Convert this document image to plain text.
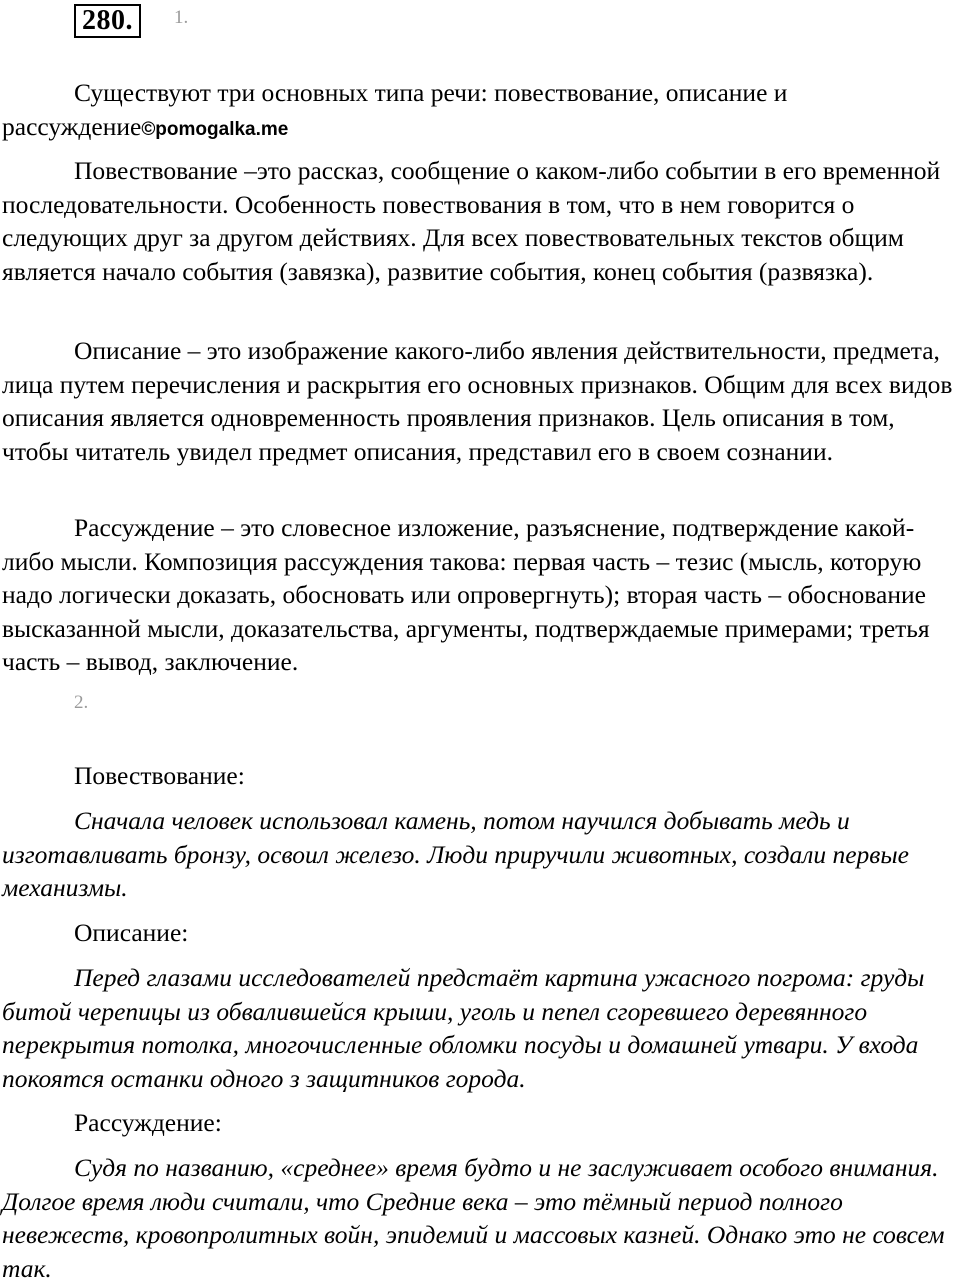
280.	1.

Существуют три основных типа речи: повествование, описание и рассуждение©pomogalka.me

Повествование –это рассказ, сообщение о каком-либо событии в его временной последовательности. Особенность повествования в том, что в нем говорится о следующих друг за другом действиях. Для всех повествовательных текстов общим является начало события (завязка), развитие события, конец события (развязка).

Описание – это изображение какого-либо явления действительности, предмета, лица путем перечисления и раскрытия его основных признаков. Общим для всех видов описания является одновременность проявления признаков. Цель описания в том, чтобы читатель увидел предмет описания, представил его в своем сознании.

Рассуждение – это словесное изложение, разъяснение, подтверждение какой-либо мысли. Композиция рассуждения такова: первая часть – тезис (мысль, которую надо логически доказать, обосновать или опровергнуть); вторая часть – обоснование высказанной мысли, доказательства, аргументы, подтверждаемые примерами; третья часть – вывод, заключение.

2.
Повествование:

Сначала человек использовал камень, потом научился добывать медь и изготавливать бронзу, освоил железо. Люди приручили животных, создали первые механизмы.

Описание:

Перед глазами исследователей предстаёт картина ужасного погрома: груды битой черепицы из обвалившейся крыши, уголь и пепел сгоревшего деревянного перекрытия потолка, многочисленные обломки посуды и домашней утвари. У входа покоятся останки одного з защитников города.

Рассуждение:

Судя по названию, «среднее» время будто и не заслуживает особого внимания. Долгое время люди считали, что Средние века – это тёмный период полного невежеств, кровопролитных войн, эпидемий и массовых казней. Однако это не совсем так.
